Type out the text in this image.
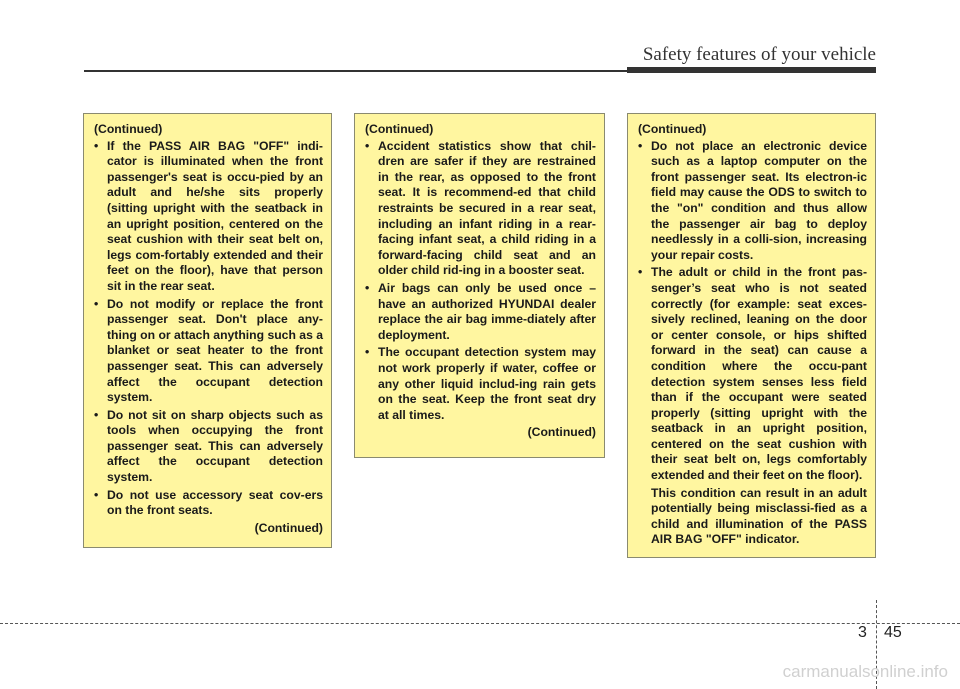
Safety features of your vehicle
(Continued)
• If the PASS AIR BAG "OFF" indi-cator is illuminated when the front passenger's seat is occu-pied by an adult and he/she sits properly (sitting upright with the seatback in an upright position, centered on the seat cushion with their seat belt on, legs com-fortably extended and their feet on the floor), have that person sit in the rear seat.
• Do not modify or replace the front passenger seat. Don't place any-thing on or attach anything such as a blanket or seat heater to the front passenger seat. This can adversely affect the occupant detection system.
• Do not sit on sharp objects such as tools when occupying the front passenger seat. This can adversely affect the occupant detection system.
• Do not use accessory seat cov-ers on the front seats.
(Continued)
(Continued)
• Accident statistics show that chil-dren are safer if they are restrained in the rear, as opposed to the front seat. It is recommend-ed that child restraints be secured in a rear seat, including an infant riding in a rear-facing infant seat, a child riding in a forward-facing child seat and an older child rid-ing in a booster seat.
• Air bags can only be used once – have an authorized HYUNDAI dealer replace the air bag imme-diately after deployment.
• The occupant detection system may not work properly if water, coffee or any other liquid includ-ing rain gets on the seat. Keep the front seat dry at all times.
(Continued)
(Continued)
• Do not place an electronic device such as a laptop computer on the front passenger seat. Its electron-ic field may cause the ODS to switch to the "on" condition and thus allow the passenger air bag to deploy needlessly in a colli-sion, increasing your repair costs.
• The adult or child in the front pas-senger’s seat who is not seated correctly (for example: seat exces-sively reclined, leaning on the door or center console, or hips shifted forward in the seat) can cause a condition where the occu-pant detection system senses less field than if the occupant were seated properly (sitting upright with the seatback in an upright position, centered on the seat cushion with their seat belt on, legs comfortably extended and their feet on the floor).
This condition can result in an adult potentially being misclassi-fied as a child and illumination of the PASS AIR BAG "OFF" indicator.
3 45
carmanualsonline.info
